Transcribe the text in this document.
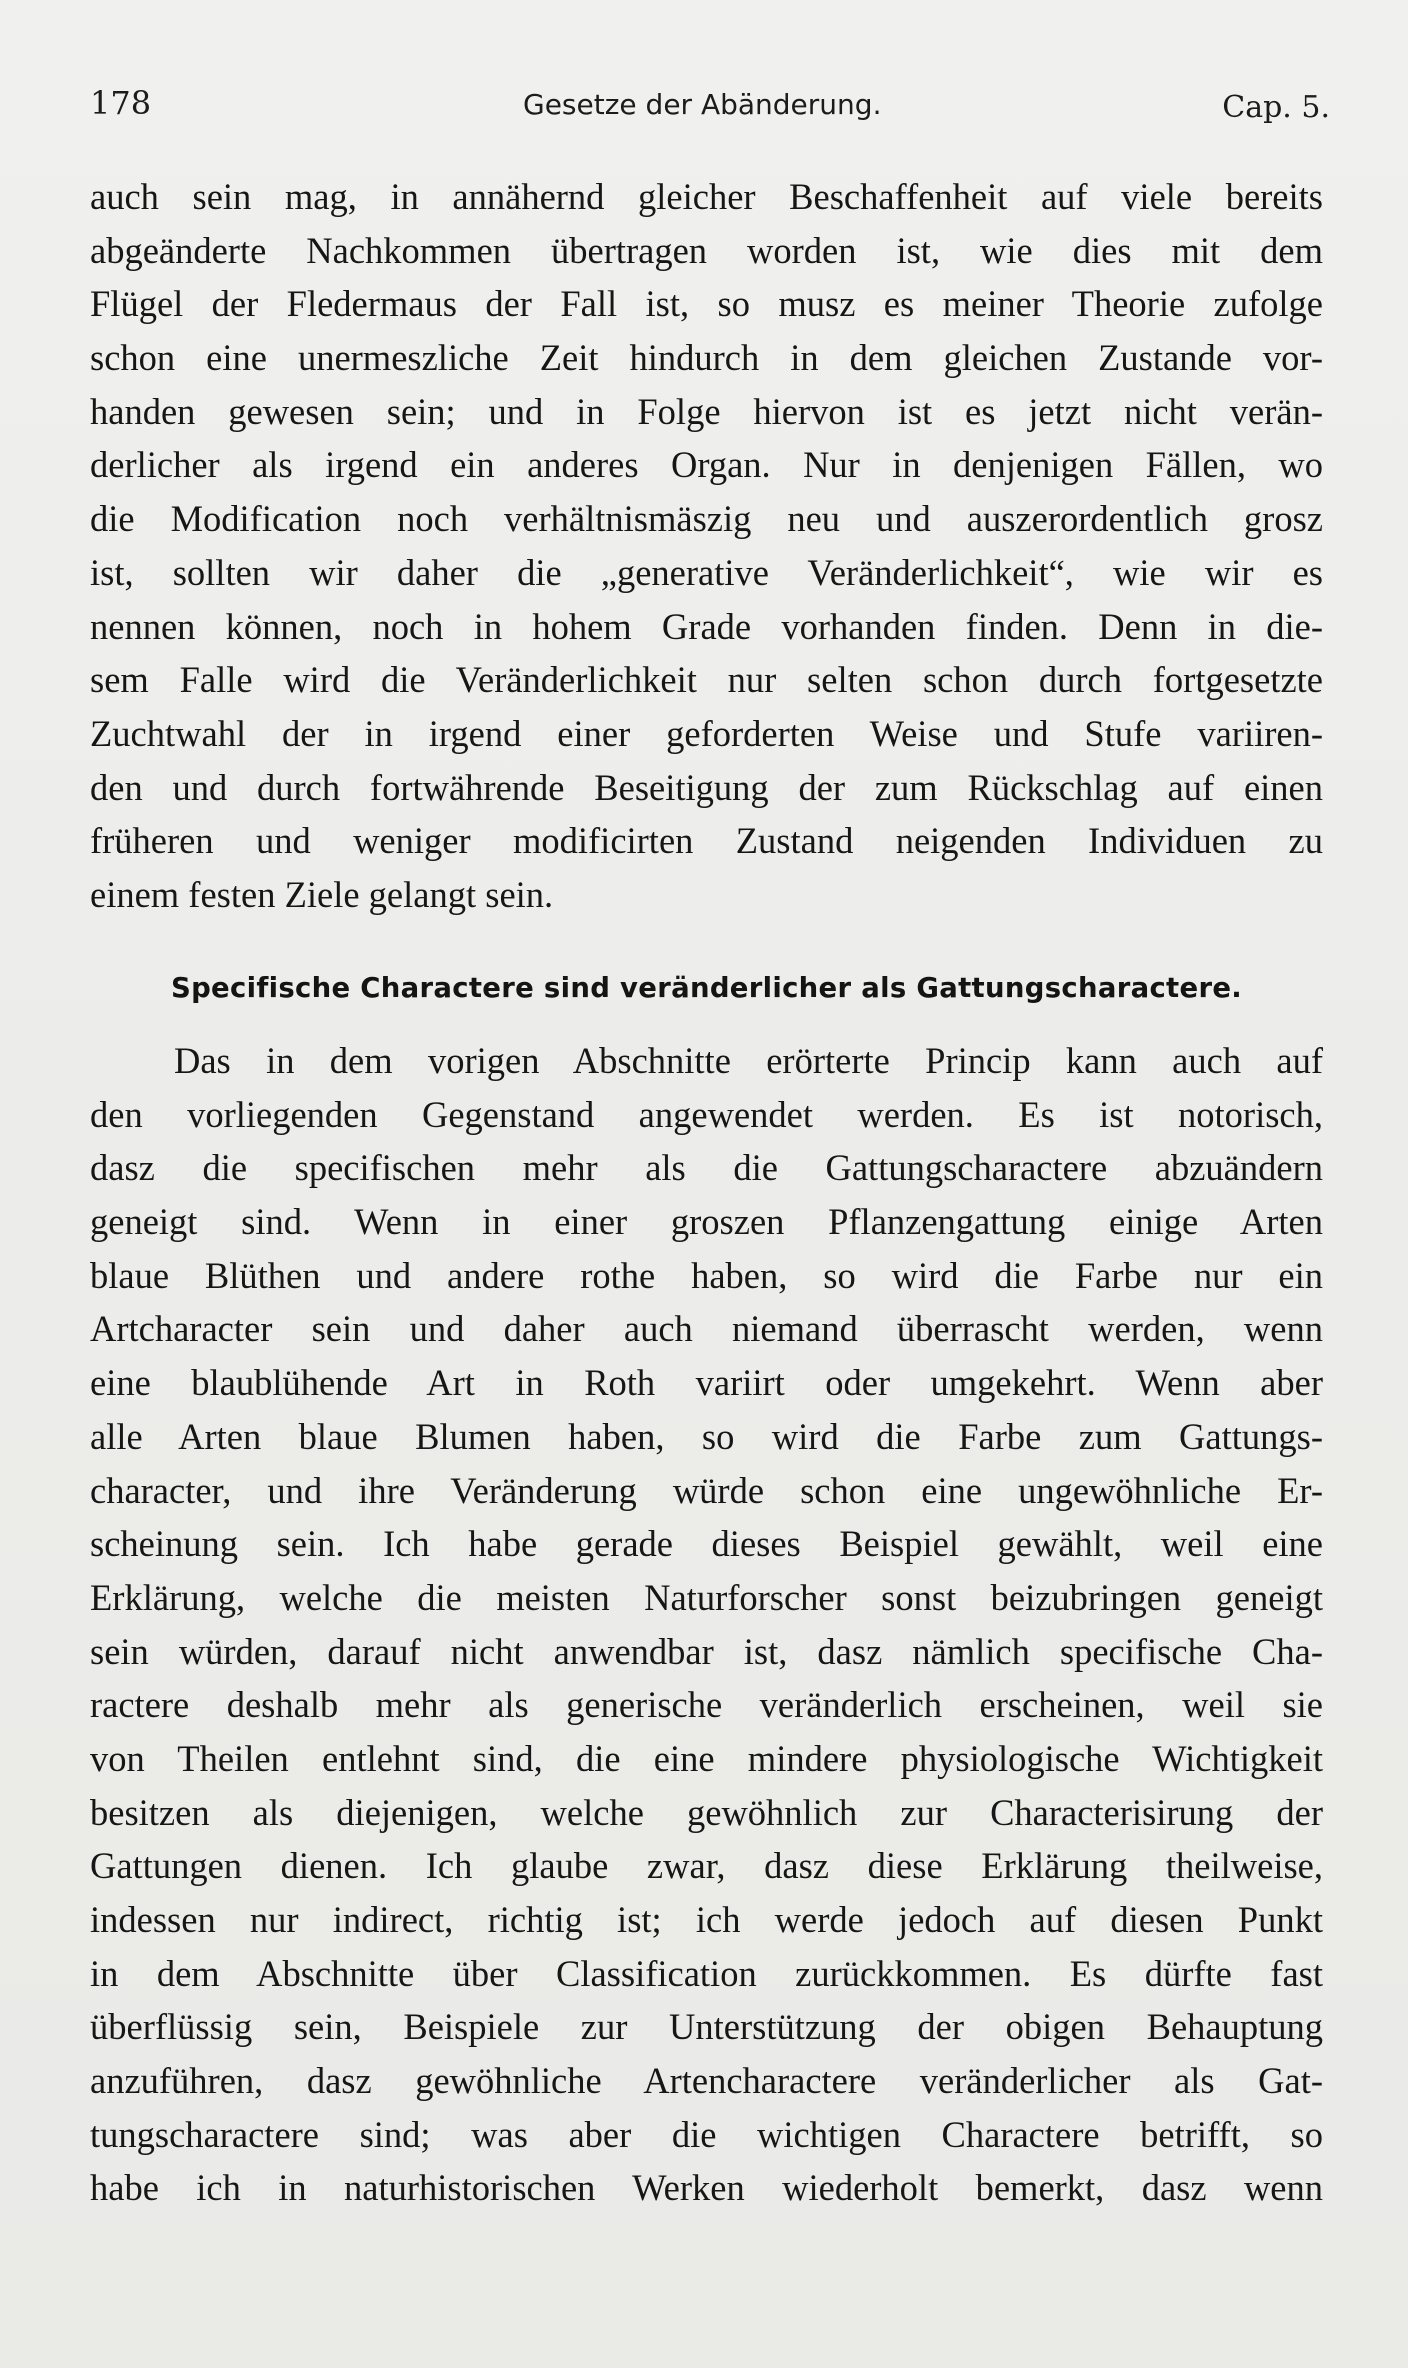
178	Gesetze der Abänderung.	Cap. 5.
auch sein mag, in annähernd gleicher Beschaffenheit auf viele bereits
abgeänderte Nachkommen übertragen worden ist, wie dies mit dem
Flügel der Fledermaus der Fall ist, so musz es meiner Theorie zufolge
schon eine unermeszliche Zeit hindurch in dem gleichen Zustande vor-
handen gewesen sein; und in Folge hiervon ist es jetzt nicht verän-
derlicher als irgend ein anderes Organ. Nur in denjenigen Fällen, wo
die Modification noch verhältnismäszig neu und auszerordentlich grosz
ist, sollten wir daher die „generative Veränderlichkeit“, wie wir es
nennen können, noch in hohem Grade vorhanden finden. Denn in die-
sem Falle wird die Veränderlichkeit nur selten schon durch fortgesetzte
Zuchtwahl der in irgend einer geforderten Weise und Stufe variiren-
den und durch fortwährende Beseitigung der zum Rückschlag auf einen
früheren und weniger modificirten Zustand neigenden Individuen zu
einem festen Ziele gelangt sein.
Specifische Charactere sind veränderlicher als Gattungscharactere.
Das in dem vorigen Abschnitte erörterte Princip kann auch auf
den vorliegenden Gegenstand angewendet werden. Es ist notorisch,
dasz die specifischen mehr als die Gattungscharactere abzuändern
geneigt sind. Wenn in einer groszen Pflanzengattung einige Arten
blaue Blüthen und andere rothe haben, so wird die Farbe nur ein
Artcharacter sein und daher auch niemand überrascht werden, wenn
eine blaublühende Art in Roth variirt oder umgekehrt. Wenn aber
alle Arten blaue Blumen haben, so wird die Farbe zum Gattungs-
character, und ihre Veränderung würde schon eine ungewöhnliche Er-
scheinung sein. Ich habe gerade dieses Beispiel gewählt, weil eine
Erklärung, welche die meisten Naturforscher sonst beizubringen geneigt
sein würden, darauf nicht anwendbar ist, dasz nämlich specifische Cha-
ractere deshalb mehr als generische veränderlich erscheinen, weil sie
von Theilen entlehnt sind, die eine mindere physiologische Wichtigkeit
besitzen als diejenigen, welche gewöhnlich zur Characterisirung der
Gattungen dienen. Ich glaube zwar, dasz diese Erklärung theilweise,
indessen nur indirect, richtig ist; ich werde jedoch auf diesen Punkt
in dem Abschnitte über Classification zurückkommen. Es dürfte fast
überflüssig sein, Beispiele zur Unterstützung der obigen Behauptung
anzuführen, dasz gewöhnliche Artencharactere veränderlicher als Gat-
tungscharactere sind; was aber die wichtigen Charactere betrifft, so
habe ich in naturhistorischen Werken wiederholt bemerkt, dasz wenn
